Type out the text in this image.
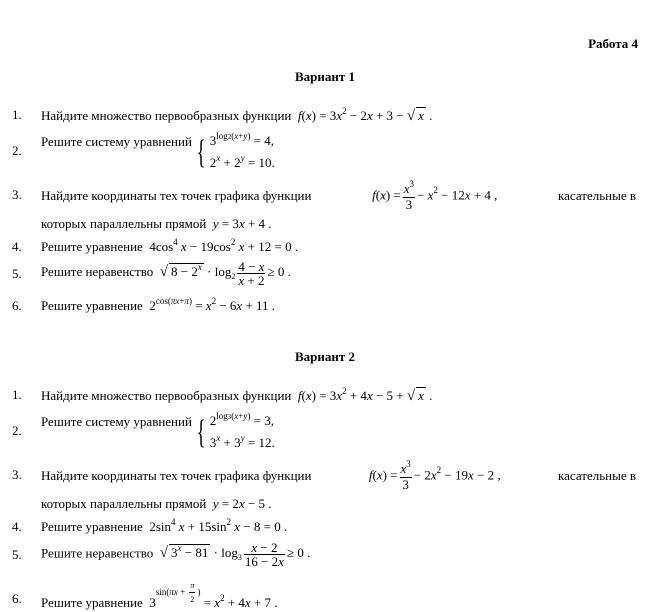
Работа 4
Вариант 1
1.	Найдите множество первообразных функции $f(x) = 3x^2 - 2x + 3$ − √ x .
2.
Решите систему уравнений { $3^{log2(x+y)} = 4$,
$2^x + 2^y = 10$.
3.	Найдите координаты тех точек графика функции	$f(x) = \frac{x^3}{3} - x^2 - 12x + 4$ ,	касательные в
которых параллельны прямой y = 3x + 4 .
4.	Решите уравнение $4\cos^4$ $x - 19\cos^2$ x + 12 = 0 .
5.	Решите неравенство √ $8 - 2^x \cdot \log_2 \frac{4 - x}{x + 2} \ge 0$ .
6.	Решите уравнение $2^{cos(\pi x+\pi)} = x^2 - 6x + 11$ .
Вариант 2
1.	Найдите множество первообразных функции $f(x) = 3x^2 + 4x - 5$ + √ x .
2.
Решите систему уравнений { $2^{log3(x+y)} = 3$,
$3^x + 3^y = 12$.
3.	Найдите координаты тех точек графика функции	$f(x) = \frac{x^3}{3} - 2x^2 - 19x - 2$ ,	касательные в
которых параллельны прямой y = 2x − 5 .
4.	Решите уравнение $2\sin^4$ $x + 15\sin^2$ x − 8 = 0 .
5.	Решите неравенство √ $3^x - 81 \cdot \log_3 \frac{x - 2}{16 - 2x} \ge 0$ .
6.	Решите уравнение $3^{sin(\pi x + \frac{\pi}{2} )} = x^2 + 4x + 7$ .
